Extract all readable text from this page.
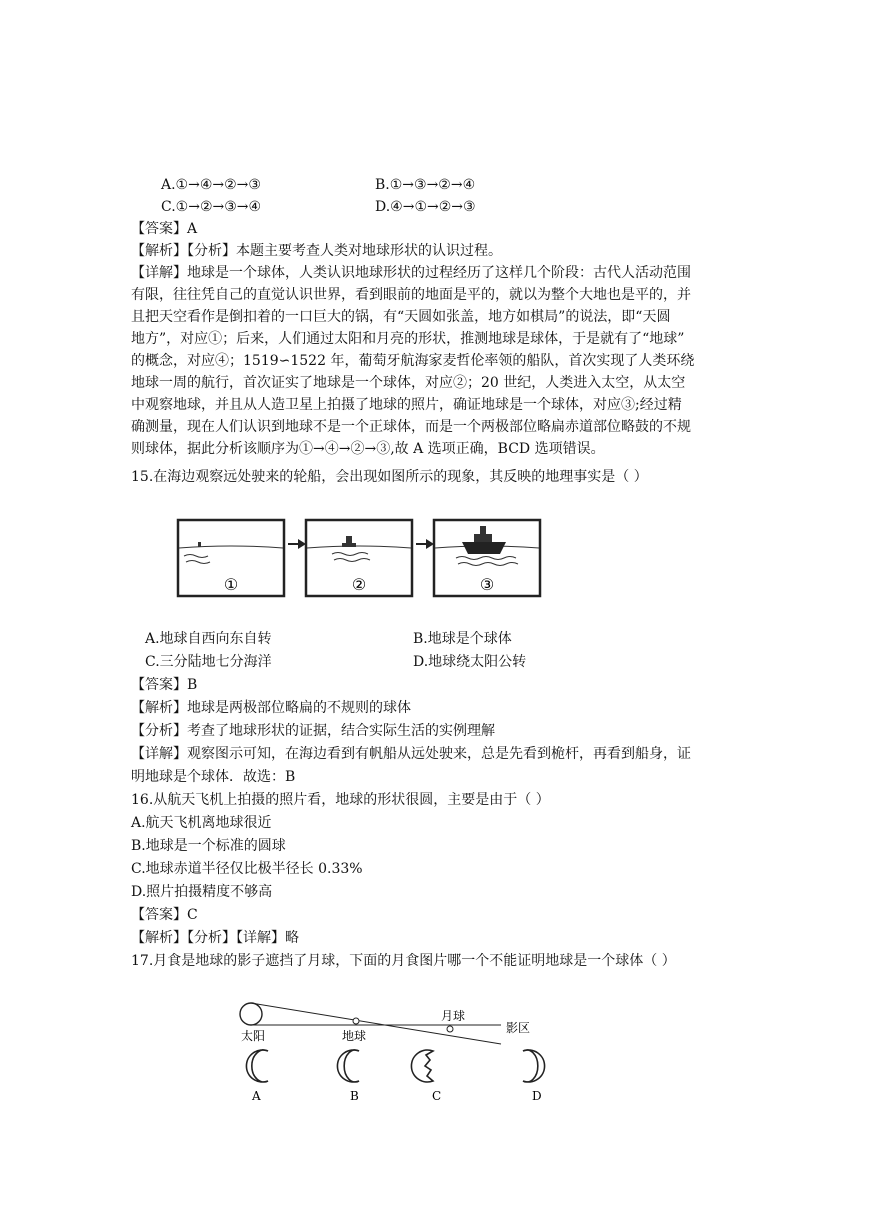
A.①→④→②→③	B.①→③→②→④
C.①→②→③→④	D.④→①→②→③
【答案】A
【解析】【分析】本题主要考查人类对地球形状的认识过程。
【详解】地球是一个球体，人类认识地球形状的过程经历了这样几个阶段：古代人活动范围
有限，往往凭自己的直觉认识世界，看到眼前的地面是平的，就以为整个大地也是平的，并
且把天空看作是倒扣着的一口巨大的锅，有“天圆如张盖，地方如棋局”的说法，即“天圆
地方”，对应①；后来，人们通过太阳和月亮的形状，推测地球是球体，于是就有了“地球”
的概念，对应④；1519∽1522 年，葡萄牙航海家麦哲伦率领的船队，首次实现了人类环绕
地球一周的航行，首次证实了地球是一个球体，对应②；20 世纪，人类进入太空，从太空
中观察地球，并且从人造卫星上拍摄了地球的照片，确证地球是一个球体，对应③;经过精
确测量，现在人们认识到地球不是一个正球体，而是一个两极部位略扁赤道部位略鼓的不规
则球体，据此分析该顺序为①→④→②→③,故 A 选项正确，BCD 选项错误。
15.在海边观察远处驶来的轮船，会出现如图所示的现象，其反映的地理事实是（ ）
①	②	③
A.地球自西向东自转	B.地球是个球体
C.三分陆地七分海洋	D.地球绕太阳公转
【答案】B
【解析】地球是两极部位略扁的不规则的球体
【分析】考查了地球形状的证据，结合实际生活的实例理解
【详解】观察图示可知，在海边看到有帆船从远处驶来，总是先看到桅杆，再看到船身，证
明地球是个球体．故选：B
16.从航天飞机上拍摄的照片看，地球的形状很圆，主要是由于（ ）
A.航天飞机离地球很近
B.地球是一个标准的圆球
C.地球赤道半径仅比极半径长 0.33%
D.照片拍摄精度不够高
【答案】C
【解析】【分析】【详解】略
17.月食是地球的影子遮挡了月球，下面的月食图片哪一个不能证明地球是一个球体（ ）
太阳	地球
月球
影区
A	B	C	D
